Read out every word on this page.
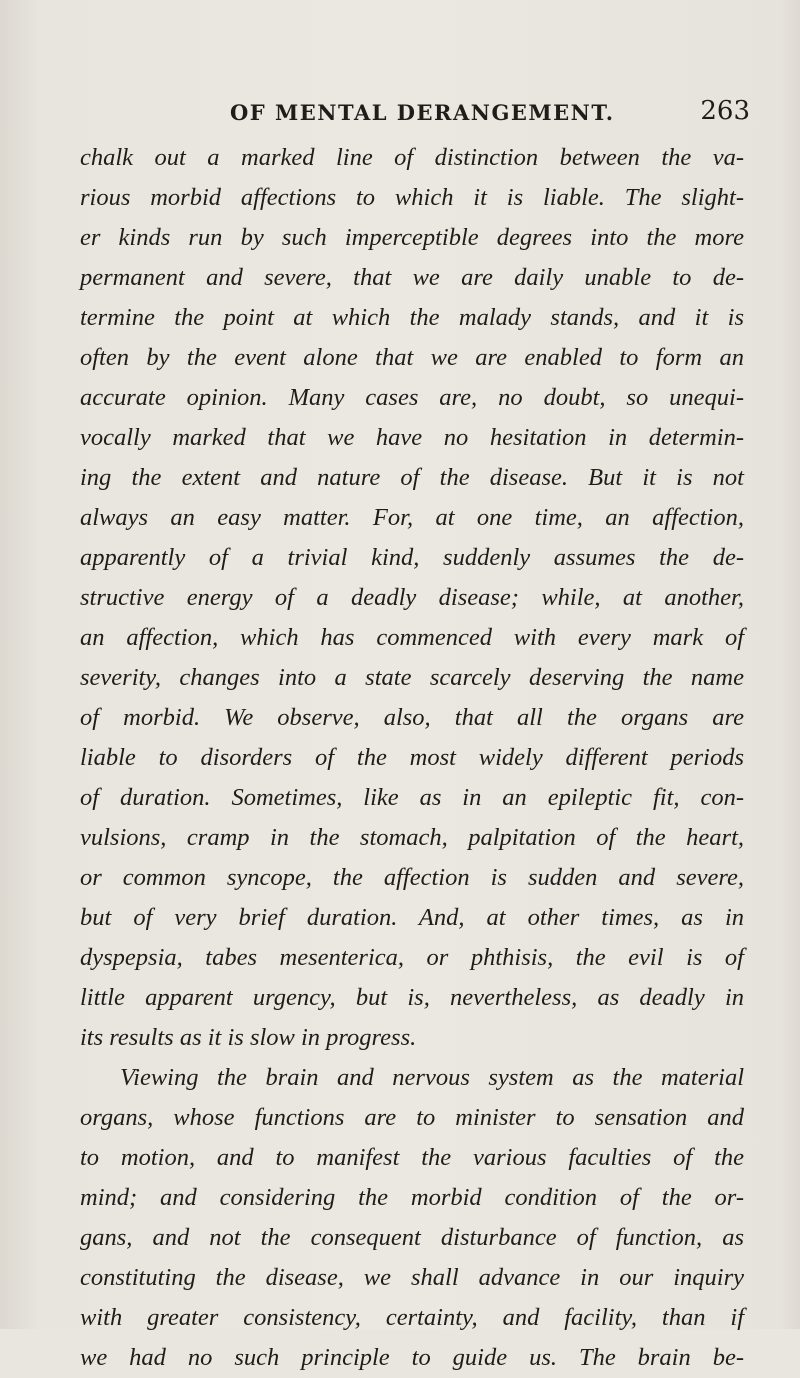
OF MENTAL DERANGEMENT.	263
chalk out a marked line of distinction between the va-
rious morbid affections to which it is liable. The slight-
er kinds run by such imperceptible degrees into the more
permanent and severe, that we are daily unable to de-
termine the point at which the malady stands, and it is
often by the event alone that we are enabled to form an
accurate opinion. Many cases are, no doubt, so unequi-
vocally marked that we have no hesitation in determin-
ing the extent and nature of the disease. But it is not
always an easy matter. For, at one time, an affection,
apparently of a trivial kind, suddenly assumes the de-
structive energy of a deadly disease; while, at another,
an affection, which has commenced with every mark of
severity, changes into a state scarcely deserving the name
of morbid. We observe, also, that all the organs are
liable to disorders of the most widely different periods
of duration. Sometimes, like as in an epileptic fit, con-
vulsions, cramp in the stomach, palpitation of the heart,
or common syncope, the affection is sudden and severe,
but of very brief duration. And, at other times, as in
dyspepsia, tabes mesenterica, or phthisis, the evil is of
little apparent urgency, but is, nevertheless, as deadly in
its results as it is slow in progress.
Viewing the brain and nervous system as the material
organs, whose functions are to minister to sensation and
to motion, and to manifest the various faculties of the
mind; and considering the morbid condition of the or-
gans, and not the consequent disturbance of function, as
constituting the disease, we shall advance in our inquiry
with greater consistency, certainty, and facility, than if
we had no such principle to guide us. The brain be-
